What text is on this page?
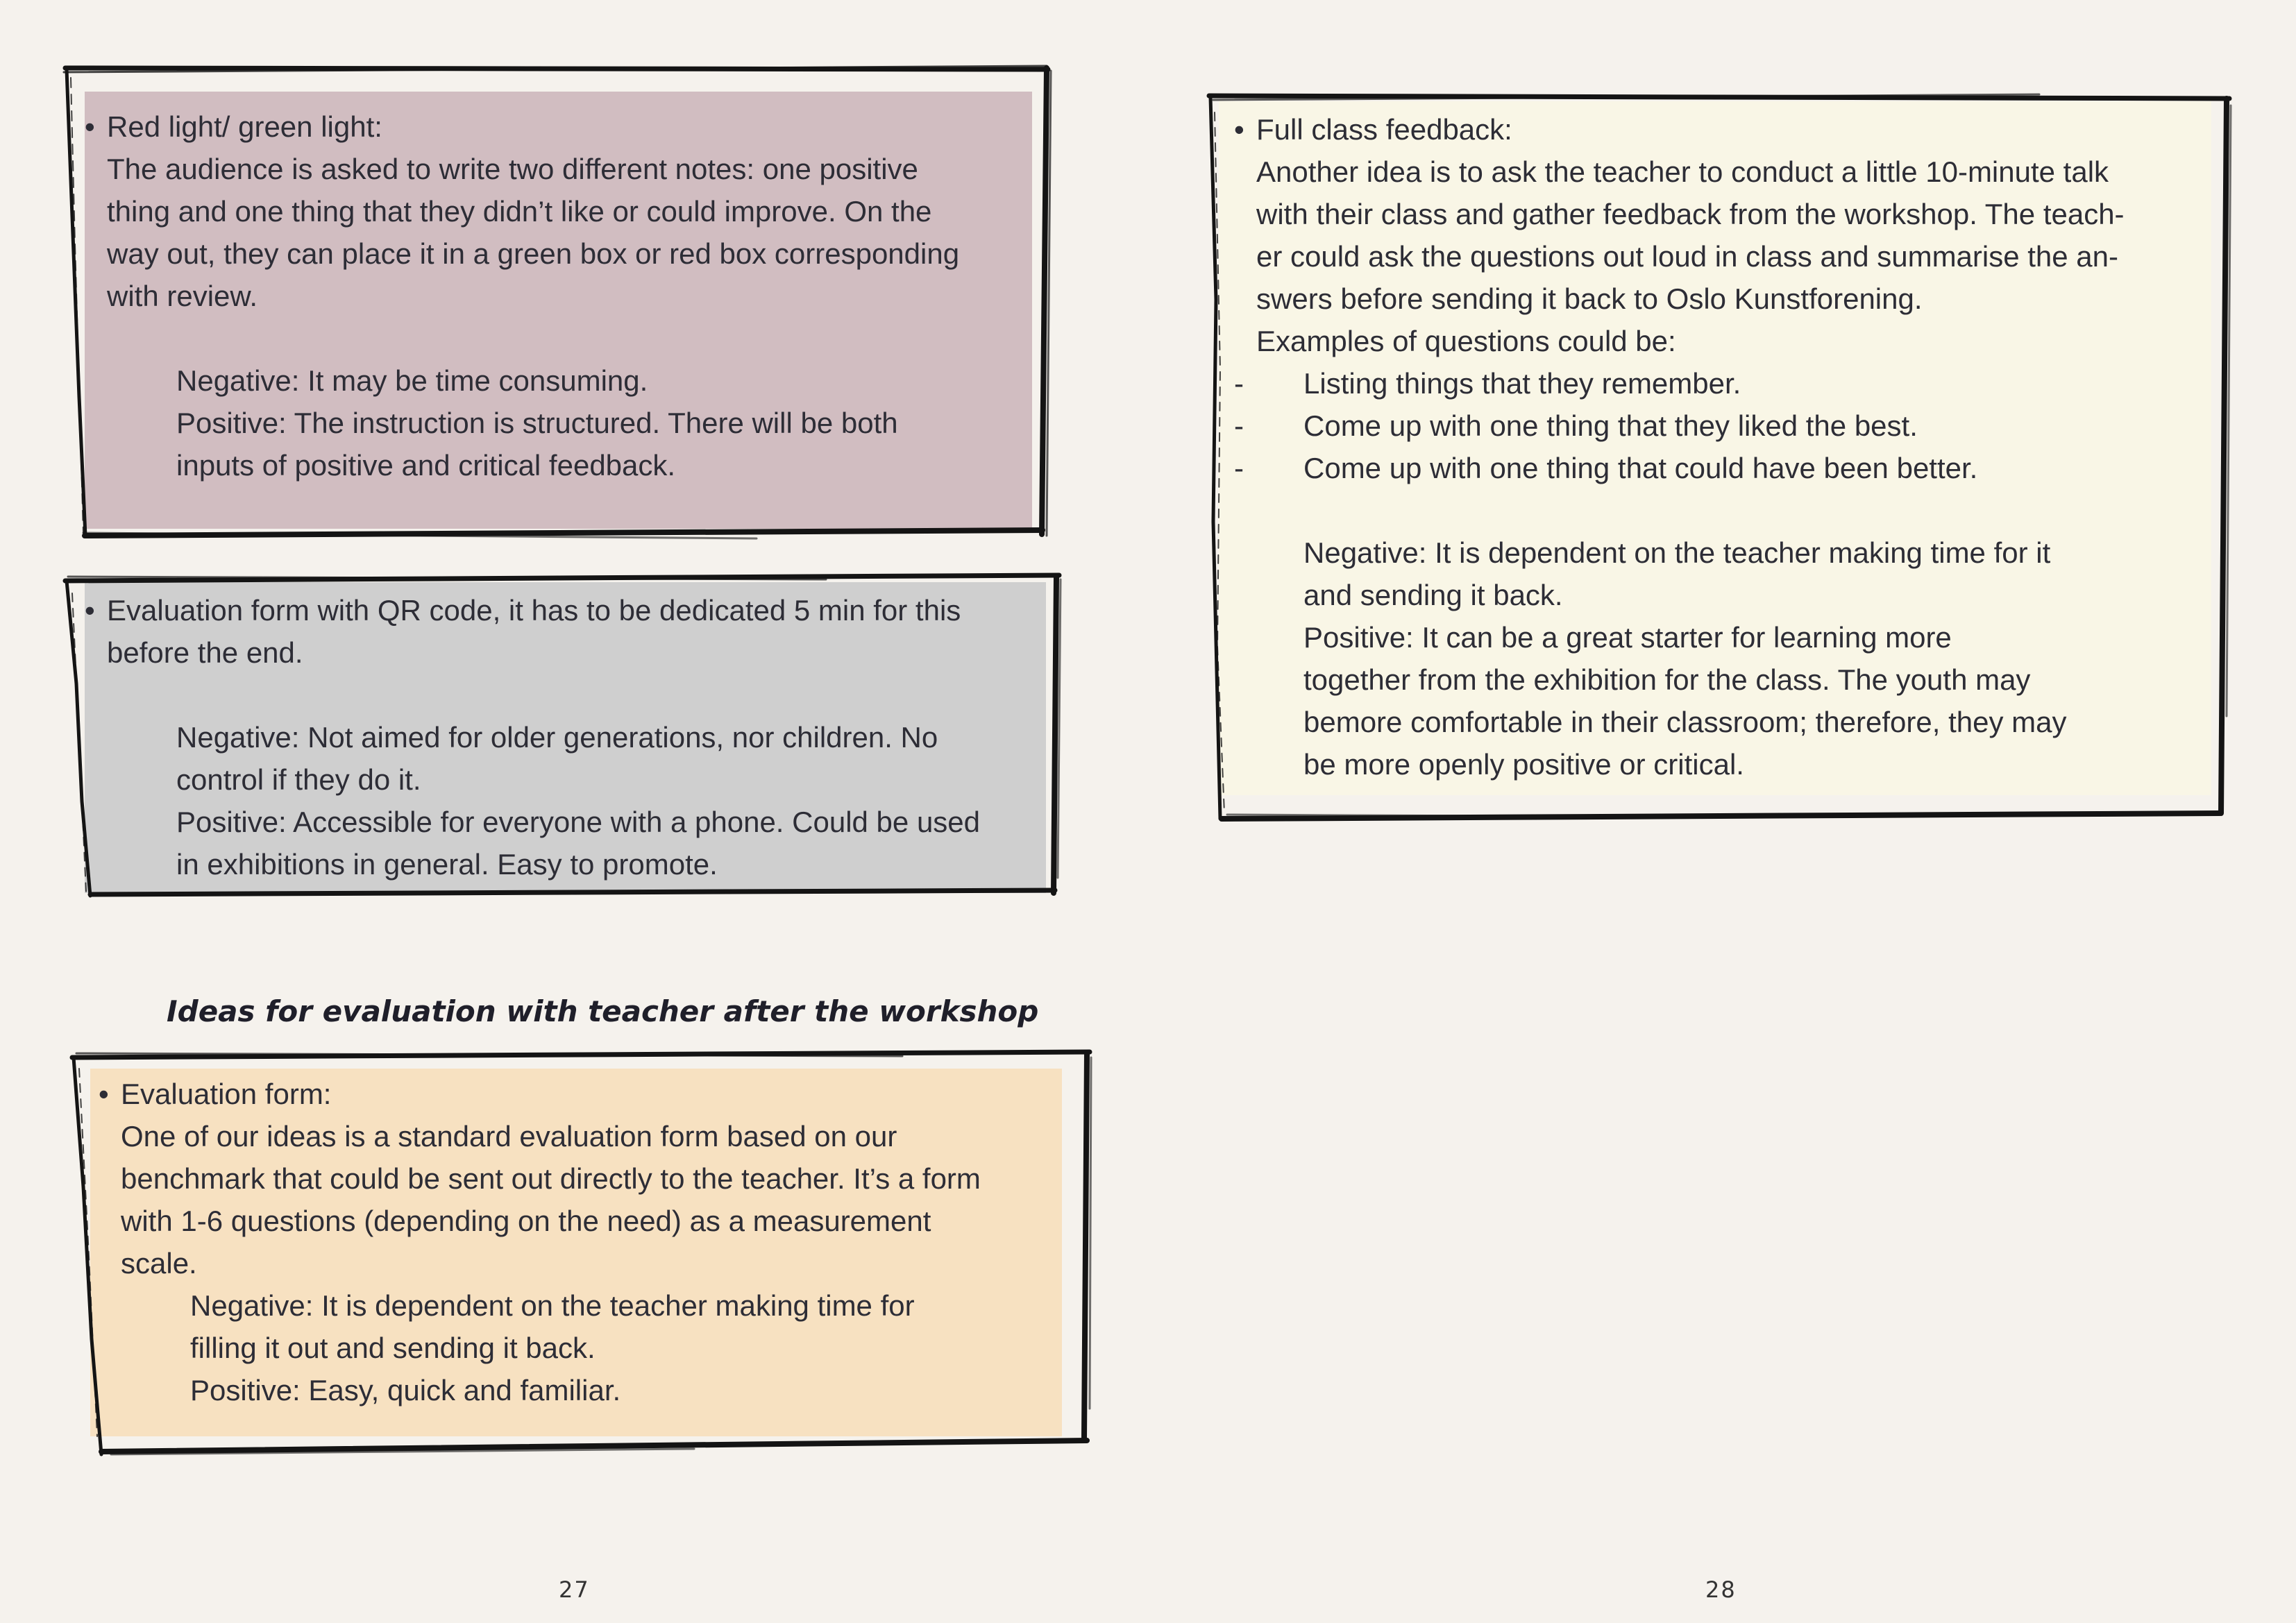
• Red light/ green light:
The audience is asked to write two different notes: one positive
thing and one thing that they didn’t like or could improve. On the
way out, they can place it in a green box or red box corresponding
with review.
Negative: It may be time consuming.
Positive: The instruction is structured. There will be both
inputs of positive and critical feedback.
• Evaluation form with QR code, it has to be dedicated 5 min for this
before the end.
Negative: Not aimed for older generations, nor children. No
control if they do it.
Positive: Accessible for everyone with a phone. Could be used
in exhibitions in general. Easy to promote.
Ideas for evaluation with teacher after the workshop
• Evaluation form:
One of our ideas is a standard evaluation form based on our
benchmark that could be sent out directly to the teacher. It’s a form
with 1-6 questions (depending on the need) as a measurement
scale.
Negative: It is dependent on the teacher making time for
filling it out and sending it back.
Positive: Easy, quick and familiar.
27
• Full class feedback:
Another idea is to ask the teacher to conduct a little 10-minute talk
with their class and gather feedback from the workshop. The teach-
er could ask the questions out loud in class and summarise the an-
swers before sending it back to Oslo Kunstforening.
Examples of questions could be:
- Listing things that they remember.
- Come up with one thing that they liked the best.
- Come up with one thing that could have been better.
Negative: It is dependent on the teacher making time for it
and sending it back.
Positive: It can be a great starter for learning more
together from the exhibition for the class. The youth may
bemore comfortable in their classroom; therefore, they may
be more openly positive or critical.
28
